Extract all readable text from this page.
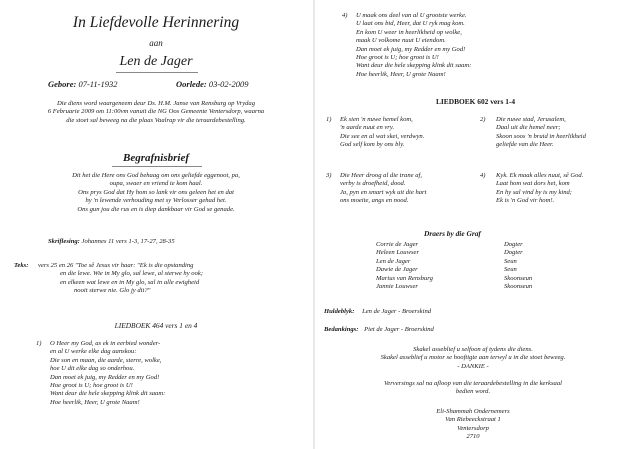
In Liefdevolle Herinnering
aan
Len de Jager
Gebore: 07-11-1932	Oorlede: 03-02-2009
Die diens word waargeneem deur Ds. H.M. Janse van Rensburg op Vrydag
6 Februarie 2009 om 11:00vm vanuit die NG Oos Gemeente Ventersdorp, waarna
die stoet sal beweeg na die plaas Vaalrap vir die teraardebestelling.
Begrafnisbrief
Dit het die Here ons God behaag om ons geliefde eggenoot, pa,
oupa, swaer en vriend te kom haal.
Ons prys God dat Hy hom so lank vir ons geleen het en dat
hy 'n lewende verhouding met sy Verlosser gehad het.
Ons gun jou die rus en is diep dankbaar vir God se genade.
Skriflesing: Johannes 11 vers 1-3, 17-27, 28-35
Teks: vers 25 en 26 "Toe sê Jesus vir haar: "Ek is die opstanding
en die lewe. Wie in My glo, sal lewe, al sterwe hy ook;
en elkeen wat lewe en in My glo, sal in alle ewigheid
nooit sterwe nie. Glo jy dit?"
LIEDBOEK 464 vers 1 en 4
1) O Heer my God, as ek in eerbied wonder-
en al U werke elke dag aanskou:
Die son en maan, die aarde, sterre, wolke,
hoe U dit elke dag so onderhou.
Dan moet ek juig, my Redder en my God!
Hoe groot is U; hoe groot is U!
Want deur die hele skepping klink dit saam:
Hoe heerlik, Heer, U grote Naam!
4) U maak ons deel van al U grootste werke.
U laat ons bid, Heer, dat U ryk mag kom.
En kom U weer in heerlikheid op wolke,
maak U volkome nuut U eiendom.
Dan moet ek juig, my Redder en my God!
Hoe groot is U; hoe groot is U!
Want deur die hele skepping klink dit saam:
Hoe heerlik, Heer, U grote Naam!
LIEDBOEK 602 vers 1-4
1) Ek sien 'n nuwe hemel kom,
'n aarde nuut en vry.
Die see en al wat skei, verdwyn.
God self kom by ons bly.
2) Die nuwe stad, Jerusalem,
Daal uit die hemel neer;
Skoon soos 'n bruid in heerlikheid
geliefde van die Heer.
3) Die Heer droog al die trane af,
verby is droefheid, dood.
Ja, pyn en smart wyk uit die hart
ons moeite, angs en nood.
4) Kyk. Ek maak alles nuut, sê God.
Laat hom wat dors het, kom
En hy sal vind by is my kind;
Ek is 'n God vir hom!.
Draers by die Graf
Corrie de Jager	Dogter
Heleen Louwser	Dogter
Len de Jager	Seun
Dawie de Jager	Seun
Marius van Rensburg	Skoonseun
Jannie Louwser	Skoonseun
Huldeblyk: Len de Jager - Broerskind
Bedankings: Piet de Jager - Broerskind
Skakel asseblief u selfoon af tydens die diens.
Skakel asseblief u motor se hooftigte aan terwyl u in die stoet beweeg.
- DANKIE -
Verversings sal na afloop van die teraardebestelling in die kerksaal
bedien word.
Eli-Shammah Ondernemers
Van Riebeeckstraat 1
Ventersdorp
2710
